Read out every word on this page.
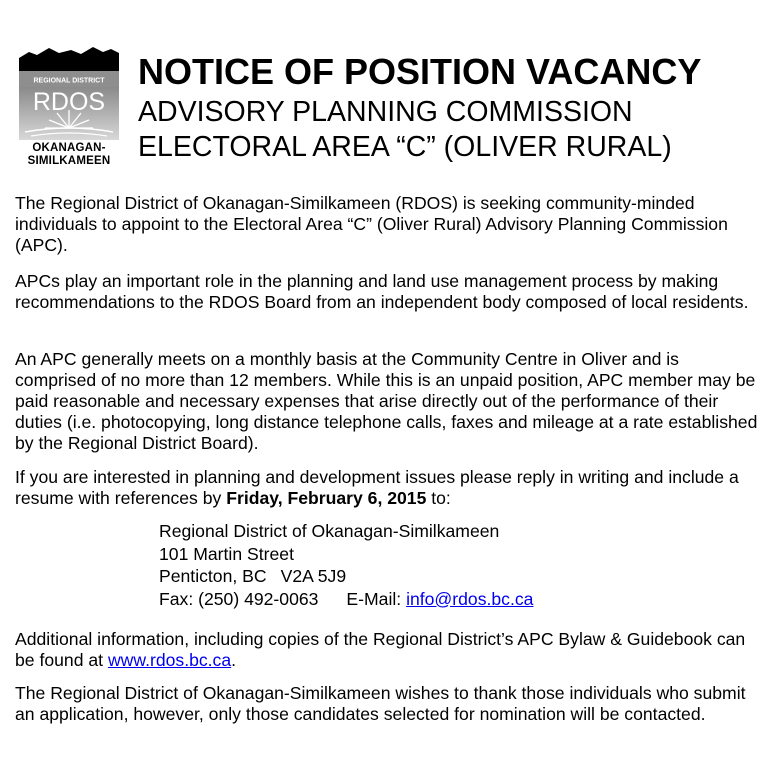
REGIONAL DISTRICT
RDOS
OKANAGAN-
SIMILKAMEEN
NOTICE OF POSITION VACANCY
ADVISORY PLANNING COMMISSION
ELECTORAL AREA “C” (OLIVER RURAL)

The Regional District of Okanagan-Similkameen (RDOS) is seeking community-minded individuals to appoint to the Electoral Area “C” (Oliver Rural) Advisory Planning Commission (APC).

APCs play an important role in the planning and land use management process by making recommendations to the RDOS Board from an independent body composed of local residents.

An APC generally meets on a monthly basis at the Community Centre in Oliver and is comprised of no more than 12 members. While this is an unpaid position, APC member may be paid reasonable and necessary expenses that arise directly out of the performance of their duties (i.e. photocopying, long distance telephone calls, faxes and mileage at a rate established by the Regional District Board).

If you are interested in planning and development issues please reply in writing and include a resume with references by Friday, February 6, 2015 to:

Regional District of Okanagan-Similkameen
101 Martin Street
Penticton, BC V2A 5J9
Fax: (250) 492-0063 E-Mail: info@rdos.bc.ca

Additional information, including copies of the Regional District’s APC Bylaw & Guidebook can be found at www.rdos.bc.ca.

The Regional District of Okanagan-Similkameen wishes to thank those individuals who submit an application, however, only those candidates selected for nomination will be contacted.
